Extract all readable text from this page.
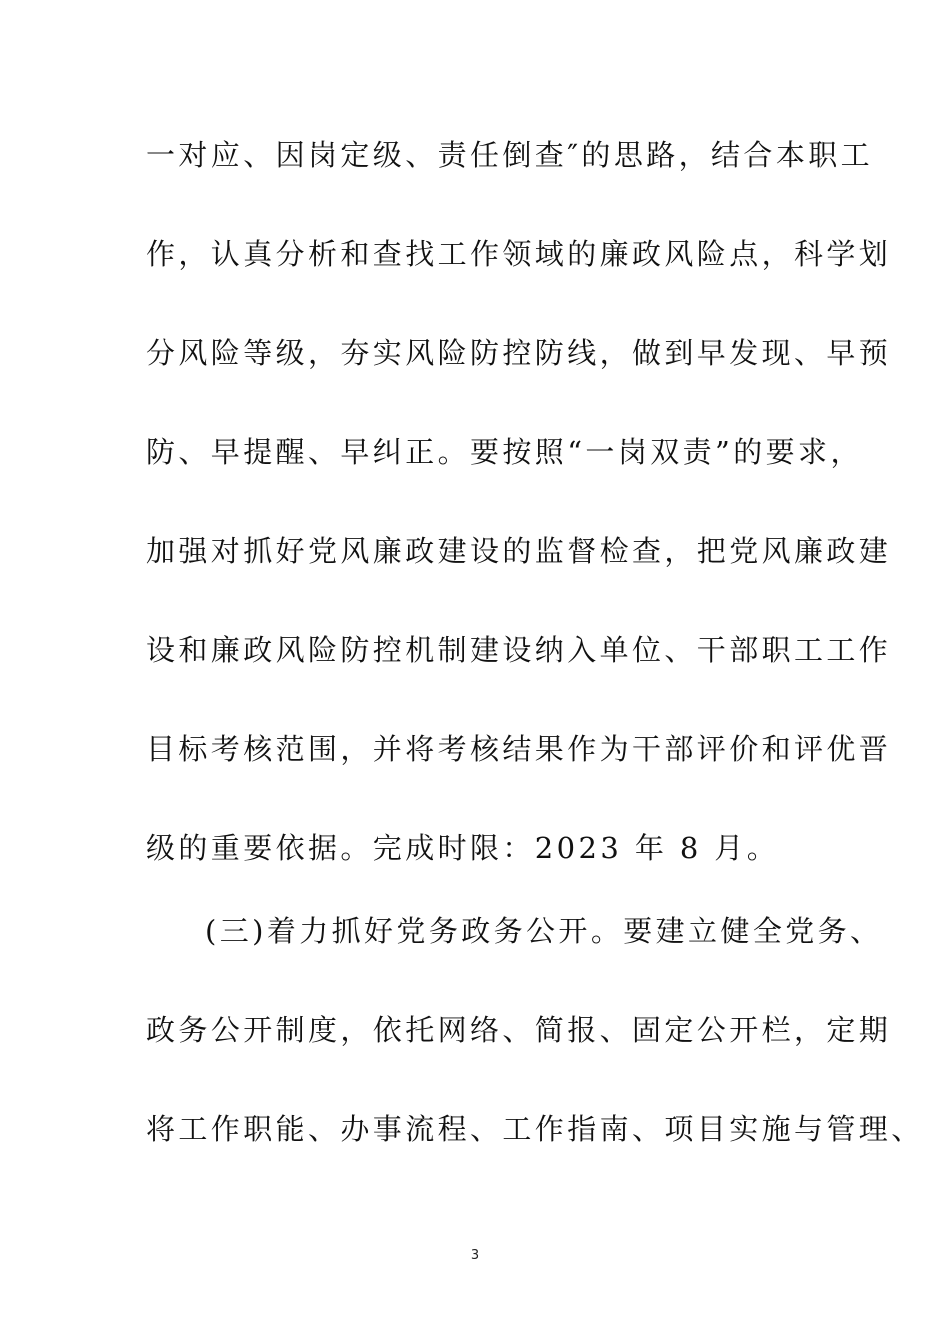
一对应、因岗定级、责任倒查″的思路，结合本职工
作，认真分析和查找工作领域的廉政风险点，科学划
分风险等级，夯实风险防控防线，做到早发现、早预
防、早提醒、早纠正。要按照“一岗双责”的要求，
加强对抓好党风廉政建设的监督检查，把党风廉政建
设和廉政风险防控机制建设纳入单位、干部职工工作
目标考核范围，并将考核结果作为干部评价和评优晋
级的重要依据。完成时限：2023 年 8 月。
(三)着力抓好党务政务公开。要建立健全党务、
政务公开制度，依托网络、简报、固定公开栏，定期
将工作职能、办事流程、工作指南、项目实施与管理、
3
